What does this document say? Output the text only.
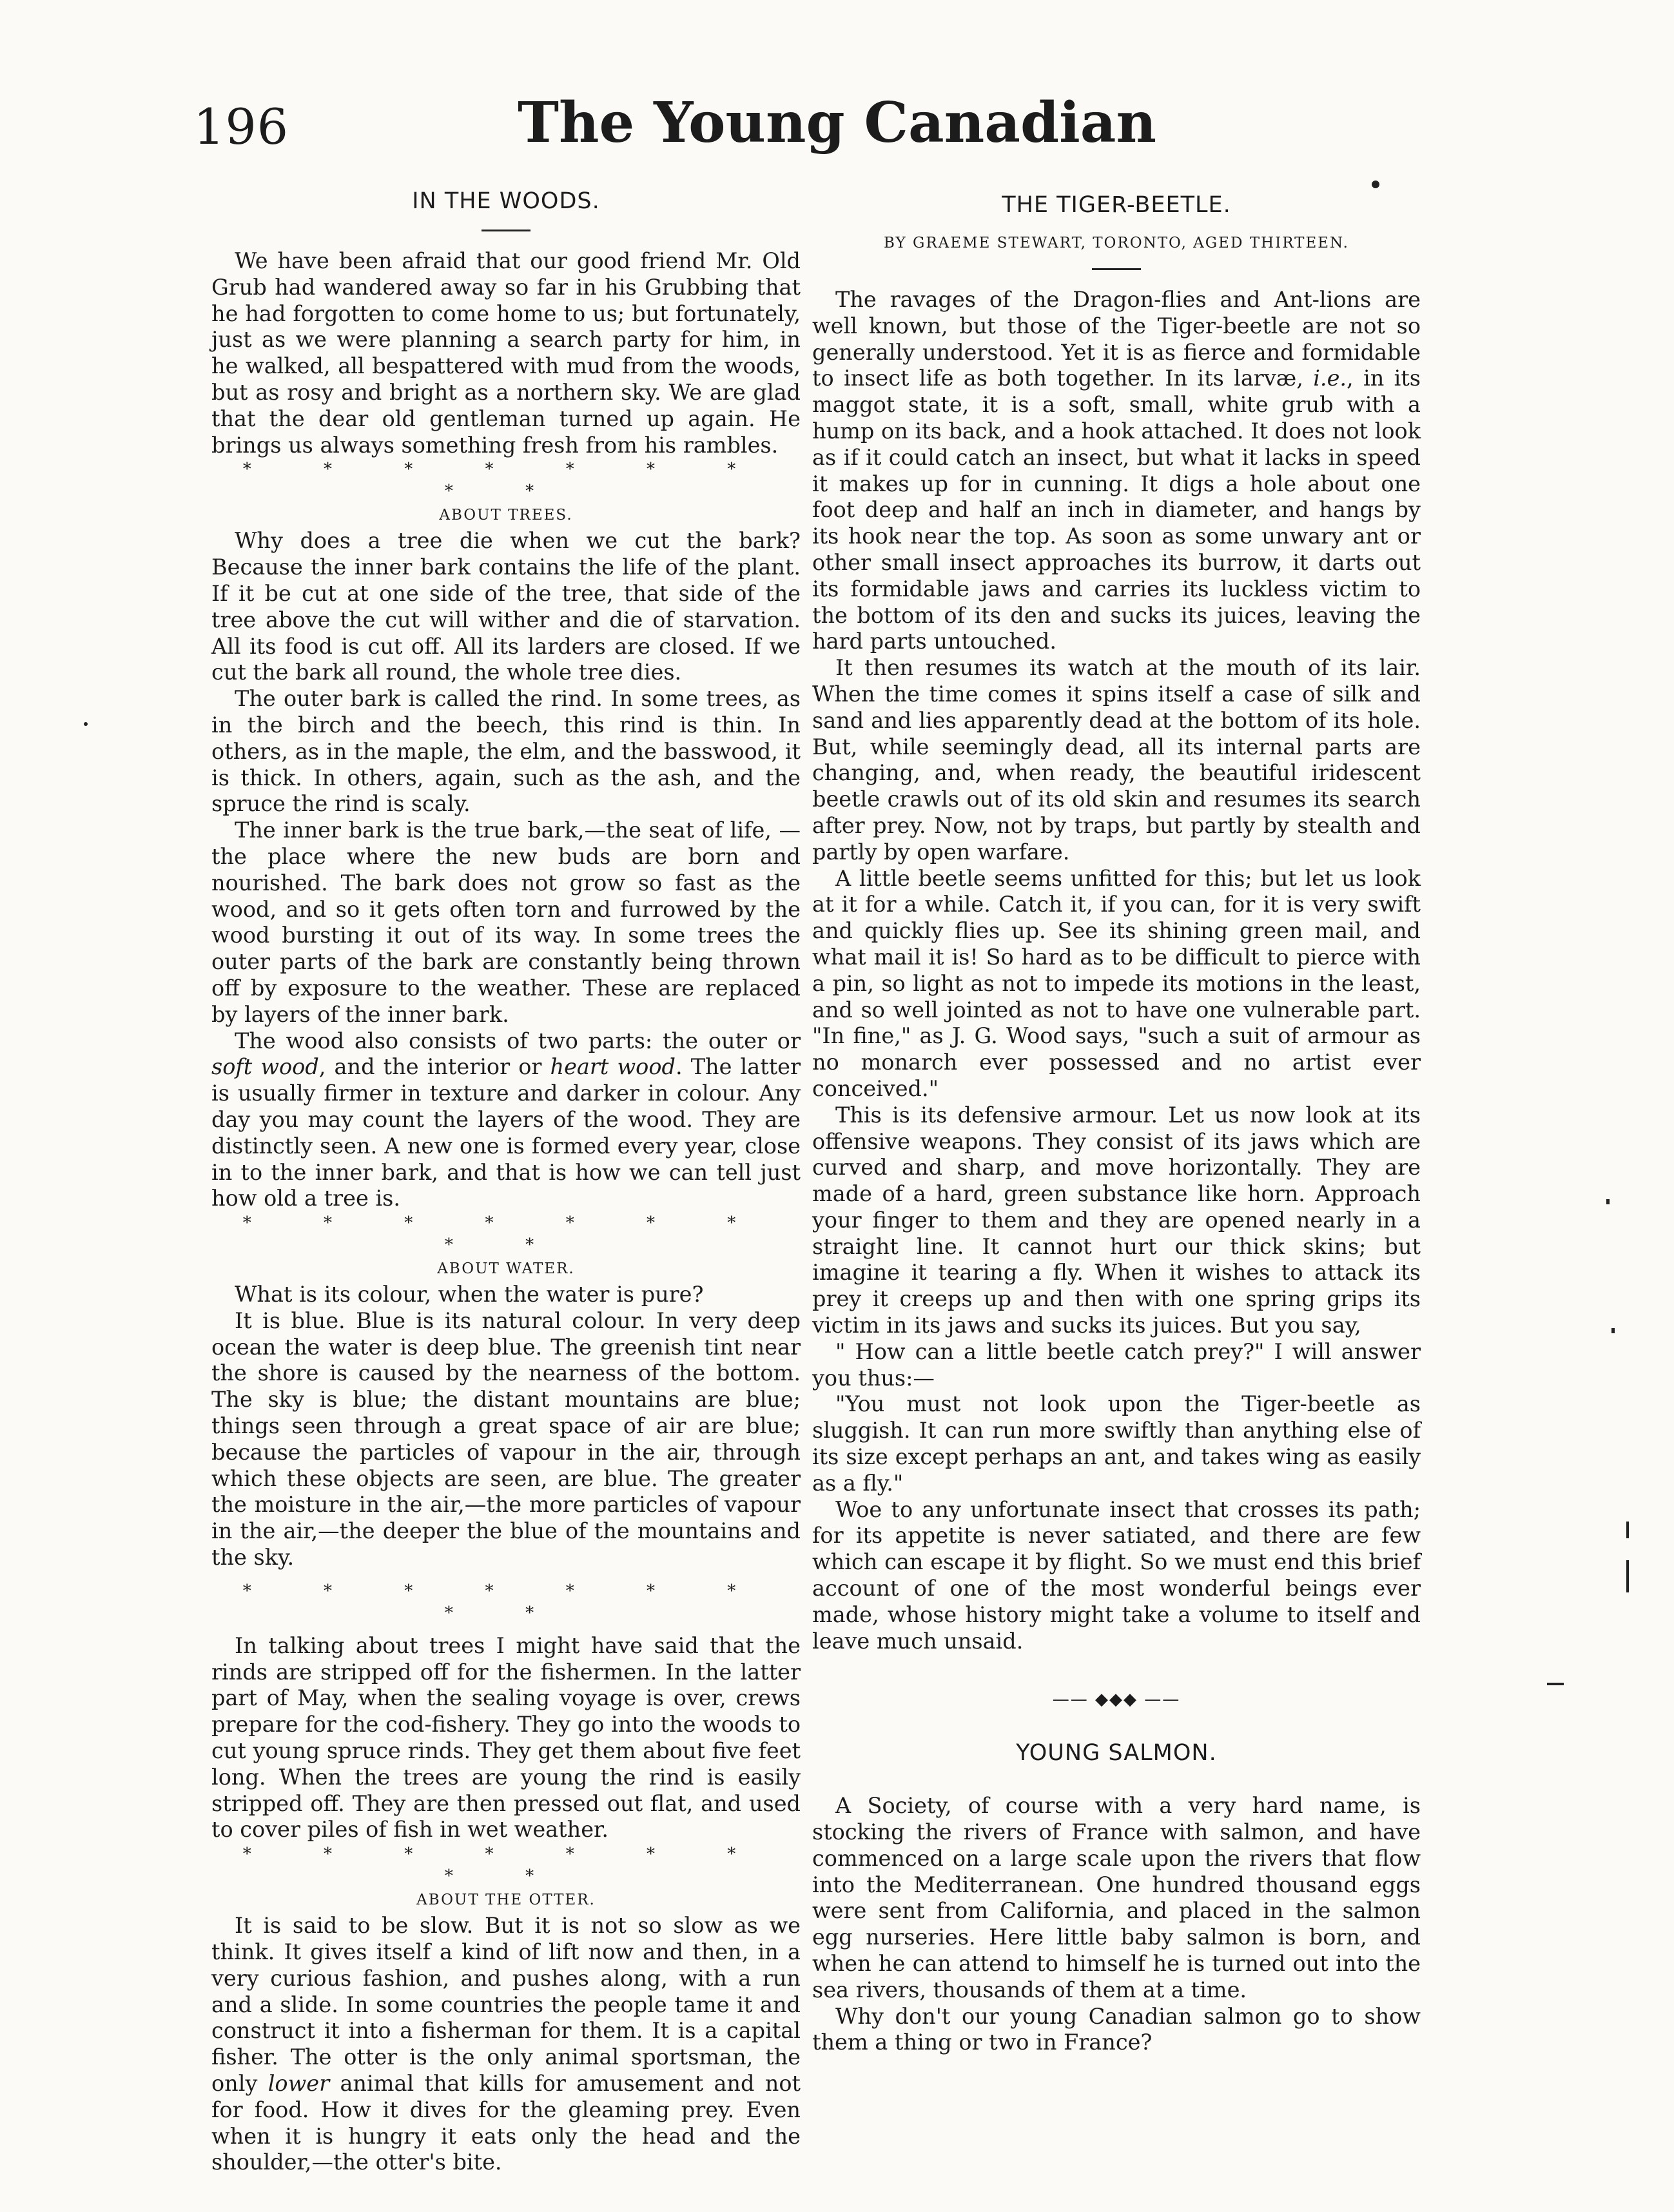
196	The Young Canadian
IN THE WOODS.

We have been afraid that our good friend Mr. Old Grub had wandered away so far in his Grubbing that he had forgotten to come home to us; but fortunately, just as we were planning a search party for him, in he walked, all bespattered with mud from the woods, but as rosy and bright as a northern sky. We are glad that the dear old gentleman turned up again. He brings us always something fresh from his rambles.

* * * * * * * * *
ABOUT TREES.

Why does a tree die when we cut the bark? Because the inner bark contains the life of the plant. If it be cut at one side of the tree, that side of the tree above the cut will wither and die of starvation. All its food is cut off. All its larders are closed. If we cut the bark all round, the whole tree dies.

The outer bark is called the rind. In some trees, as in the birch and the beech, this rind is thin. In others, as in the maple, the elm, and the basswood, it is thick. In others, again, such as the ash, and the spruce the rind is scaly.

The inner bark is the true bark,—the seat of life, —the place where the new buds are born and nourished. The bark does not grow so fast as the wood, and so it gets often torn and furrowed by the wood bursting it out of its way. In some trees the outer parts of the bark are constantly being thrown off by exposure to the weather. These are replaced by layers of the inner bark.

The wood also consists of two parts: the outer or soft wood, and the interior or heart wood. The latter is usually firmer in texture and darker in colour. Any day you may count the layers of the wood. They are distinctly seen. A new one is formed every year, close in to the inner bark, and that is how we can tell just how old a tree is.

* * * * * * * * *
ABOUT WATER.

What is its colour, when the water is pure?

It is blue. Blue is its natural colour. In very deep ocean the water is deep blue. The greenish tint near the shore is caused by the nearness of the bottom. The sky is blue; the distant mountains are blue; things seen through a great space of air are blue; because the particles of vapour in the air, through which these objects are seen, are blue. The greater the moisture in the air,—the more particles of vapour in the air,—the deeper the blue of the mountains and the sky.

* * * * * * * * *

In talking about trees I might have said that the rinds are stripped off for the fishermen. In the latter part of May, when the sealing voyage is over, crews prepare for the cod-fishery. They go into the woods to cut young spruce rinds. They get them about five feet long. When the trees are young the rind is easily stripped off. They are then pressed out flat, and used to cover piles of fish in wet weather.

* * * * * * * * *
ABOUT THE OTTER.

It is said to be slow. But it is not so slow as we think. It gives itself a kind of lift now and then, in a very curious fashion, and pushes along, with a run and a slide. In some countries the people tame it and construct it into a fisherman for them. It is a capital fisher. The otter is the only animal sportsman, the only lower animal that kills for amusement and not for food. How it dives for the gleaming prey. Even when it is hungry it eats only the head and the shoulder,—the otter's bite.

THE TIGER-BEETLE.
BY GRAEME STEWART, TORONTO, AGED THIRTEEN.

The ravages of the Dragon-flies and Ant-lions are well known, but those of the Tiger-beetle are not so generally understood. Yet it is as fierce and formidable to insect life as both together. In its larvæ, i.e., in its maggot state, it is a soft, small, white grub with a hump on its back, and a hook attached. It does not look as if it could catch an insect, but what it lacks in speed it makes up for in cunning. It digs a hole about one foot deep and half an inch in diameter, and hangs by its hook near the top. As soon as some unwary ant or other small insect approaches its burrow, it darts out its formidable jaws and carries its luckless victim to the bottom of its den and sucks its juices, leaving the hard parts untouched.

It then resumes its watch at the mouth of its lair. When the time comes it spins itself a case of silk and sand and lies apparently dead at the bottom of its hole. But, while seemingly dead, all its internal parts are changing, and, when ready, the beautiful iridescent beetle crawls out of its old skin and resumes its search after prey. Now, not by traps, but partly by stealth and partly by open warfare.

A little beetle seems unfitted for this; but let us look at it for a while. Catch it, if you can, for it is very swift and quickly flies up. See its shining green mail, and what mail it is! So hard as to be difficult to pierce with a pin, so light as not to impede its motions in the least, and so well jointed as not to have one vulnerable part. "In fine," as J. G. Wood says, "such a suit of armour as no monarch ever possessed and no artist ever conceived."

This is its defensive armour. Let us now look at its offensive weapons. They consist of its jaws which are curved and sharp, and move horizontally. They are made of a hard, green substance like horn. Approach your finger to them and they are opened nearly in a straight line. It cannot hurt our thick skins; but imagine it tearing a fly. When it wishes to attack its prey it creeps up and then with one spring grips its victim in its jaws and sucks its juices. But you say,

" How can a little beetle catch prey?" I will answer you thus:—

"You must not look upon the Tiger-beetle as sluggish. It can run more swiftly than anything else of its size except perhaps an ant, and takes wing as easily as a fly."

Woe to any unfortunate insect that crosses its path; for its appetite is never satiated, and there are few which can escape it by flight. So we must end this brief account of one of the most wonderful beings ever made, whose history might take a volume to itself and leave much unsaid.

—— ◆◆◆ ——
YOUNG SALMON.

A Society, of course with a very hard name, is stocking the rivers of France with salmon, and have commenced on a large scale upon the rivers that flow into the Mediterranean. One hundred thousand eggs were sent from California, and placed in the salmon egg nurseries. Here little baby salmon is born, and when he can attend to himself he is turned out into the sea rivers, thousands of them at a time.

Why don't our young Canadian salmon go to show them a thing or two in France?
